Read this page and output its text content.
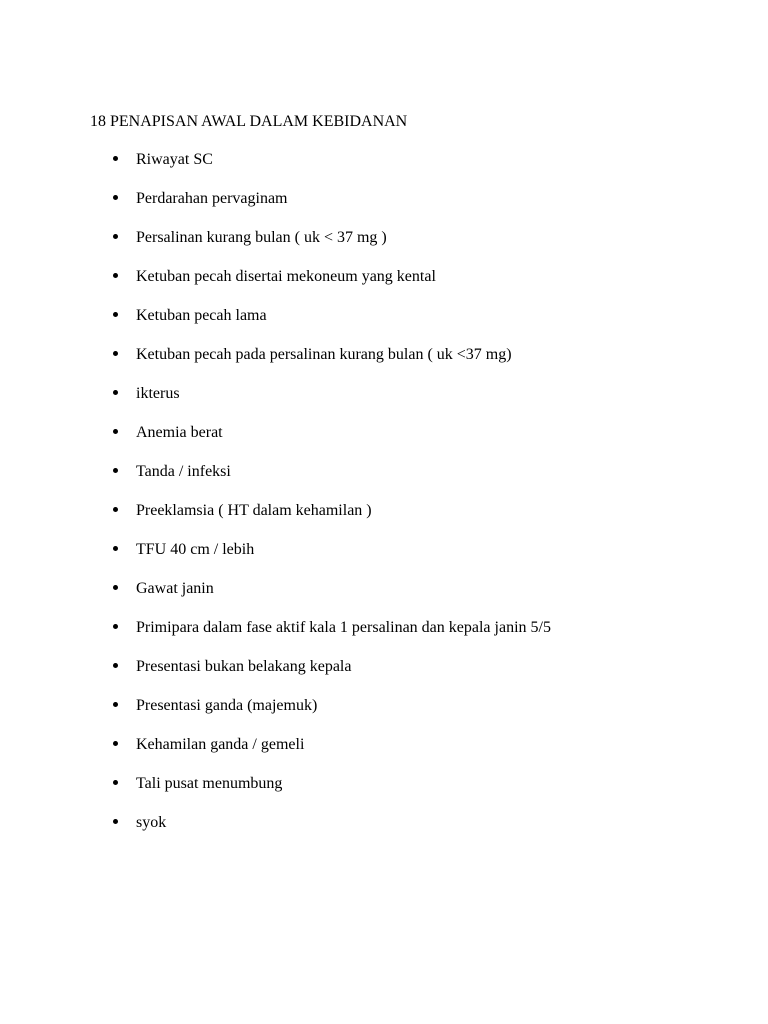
18 PENAPISAN AWAL DALAM KEBIDANAN
Riwayat SC
Perdarahan pervaginam
Persalinan kurang bulan ( uk < 37 mg )
Ketuban pecah disertai mekoneum yang kental
Ketuban pecah lama
Ketuban pecah pada persalinan kurang bulan ( uk <37 mg)
ikterus
Anemia berat
Tanda / infeksi
Preeklamsia ( HT dalam kehamilan )
TFU 40 cm / lebih
Gawat janin
Primipara dalam fase aktif kala 1 persalinan dan kepala janin 5/5
Presentasi bukan belakang kepala
Presentasi ganda (majemuk)
Kehamilan ganda / gemeli
Tali pusat menumbung
syok
